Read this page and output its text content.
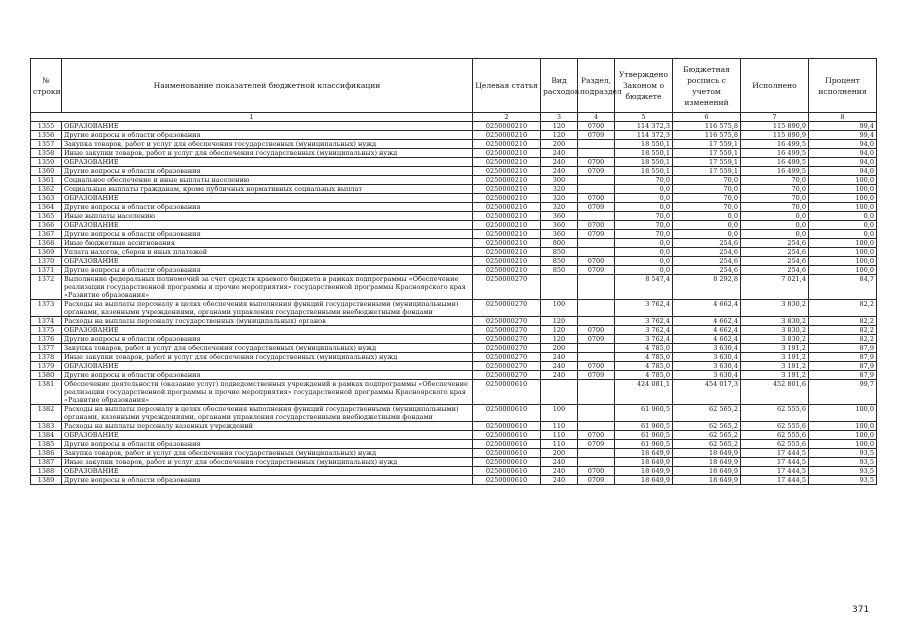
№ строки	Наименование показателей бюджетной классификации	Целевая статья	Вид расходов	Раздел, подраздел	Утверждено Законом о бюджете	Бюджетная роспись с учетом изменений	Исполнено	Процент исполнения
1		2	3	4	5	6	7	8
1355	ОБРАЗОВАНИЕ	0250000210	120	0700	114 372,3	116 575,8	115 890,9	99,4
1356	Другие вопросы в области образования	0250000210	120	0709	114 372,3	116 575,8	115 890,9	99,4
1357	Закупка товаров, работ и услуг для обеспечения государственных (муниципальных) нужд	0250000210	200		18 550,1	17 559,1	16 499,5	94,0
1358	Иные закупки товаров, работ и услуг для обеспечения государственных (муниципальных) нужд	0250000210	240		18 550,1	17 559,1	16 499,5	94,0
1359	ОБРАЗОВАНИЕ	0250000210	240	0700	18 550,1	17 559,1	16 499,5	94,0
1360	Другие вопросы в области образования	0250000210	240	0709	18 550,1	17 559,1	16 499,5	94,0
1361	Социальное обеспечение и иные выплаты населению	0250000210	300		70,0	70,0	70,0	100,0
1362	Социальные выплаты гражданам, кроме публичных нормативных социальных выплат	0250000210	320		0,0	70,0	70,0	100,0
1363	ОБРАЗОВАНИЕ	0250000210	320	0700	0,0	70,0	70,0	100,0
1364	Другие вопросы в области образования	0250000210	320	0709	0,0	70,0	70,0	100,0
1365	Иные выплаты населению	0250000210	360		70,0	0,0	0,0	0,0
1366	ОБРАЗОВАНИЕ	0250000210	360	0700	70,0	0,0	0,0	0,0
1367	Другие вопросы в области образования	0250000210	360	0709	70,0	0,0	0,0	0,0
1368	Иные бюджетные ассигнования	0250000210	800		0,0	254,6	254,6	100,0
1369	Уплата налогов, сборов и иных платежей	0250000210	850		0,0	254,6	254,6	100,0
1370	ОБРАЗОВАНИЕ	0250000210	850	0700	0,0	254,6	254,6	100,0
1371	Другие вопросы в области образования	0250000210	850	0709	0,0	254,6	254,6	100,0
1372	Выполнение федеральных полномочий за счет средств краевого бюджета в рамках подпрограммы «Обеспечение реализации государственной программы и прочие мероприятия» государственной программы Красноярского края «Развитие образования»	0250000270			8 547,4	8 292,8	7 021,4	84,7
1373	Расходы на выплаты персоналу в целях обеспечения выполнения функций государственными (муниципальными) органами, казенными учреждениями, органами управления государственными внебюджетными фондами	0250000270	100		3 762,4	4 662,4	3 830,2	82,2
1374	Расходы на выплаты персоналу государственных (муниципальных) органов	0250000270	120		3 762,4	4 662,4	3 830,2	82,2
1375	ОБРАЗОВАНИЕ	0250000270	120	0700	3 762,4	4 662,4	3 830,2	82,2
1376	Другие вопросы в области образования	0250000270	120	0709	3 762,4	4 662,4	3 830,2	82,2
1377	Закупка товаров, работ и услуг для обеспечения государственных (муниципальных) нужд	0250000270	200		4 785,0	3 630,4	3 191,2	87,9
1378	Иные закупки товаров, работ и услуг для обеспечения государственных (муниципальных) нужд	0250000270	240		4 785,0	3 630,4	3 191,2	87,9
1379	ОБРАЗОВАНИЕ	0250000270	240	0700	4 785,0	3 630,4	3 191,2	87,9
1380	Другие вопросы в области образования	0250000270	240	0709	4 785,0	3 630,4	3 191,2	87,9
1381	Обеспечение деятельности (оказание услуг) подведомственных учреждений в рамках подпрограммы «Обеспечение реализации государственной программы и прочие мероприятия» государственной программы Красноярского края «Развитие образования»	0250000610			424 081,1	454 017,3	452 801,6	99,7
1382	Расходы на выплаты персоналу в целях обеспечения выполнения функций государственными (муниципальными) органами, казенными учреждениями, органами управления государственными внебюджетными фондами	0250000610	100		61 960,5	62 565,2	62 555,6	100,0
1383	Расходы на выплаты персоналу казенных учреждений	0250000610	110		61 960,5	62 565,2	62 555,6	100,0
1384	ОБРАЗОВАНИЕ	0250000610	110	0700	61 960,5	62 565,2	62 555,6	100,0
1385	Другие вопросы в области образования	0250000610	110	0709	61 960,5	62 565,2	62 555,6	100,0
1386	Закупка товаров, работ и услуг для обеспечения государственных (муниципальных) нужд	0250000610	200		18 649,9	18 649,9	17 444,5	93,5
1387	Иные закупки товаров, работ и услуг для обеспечения государственных (муниципальных) нужд	0250000610	240		18 649,9	18 649,9	17 444,5	93,5
1388	ОБРАЗОВАНИЕ	0250000610	240	0700	18 649,9	18 649,9	17 444,5	93,5
1389	Другие вопросы в области образования	0250000610	240	0709	18 649,9	18 649,9	17 444,5	93,5
371
